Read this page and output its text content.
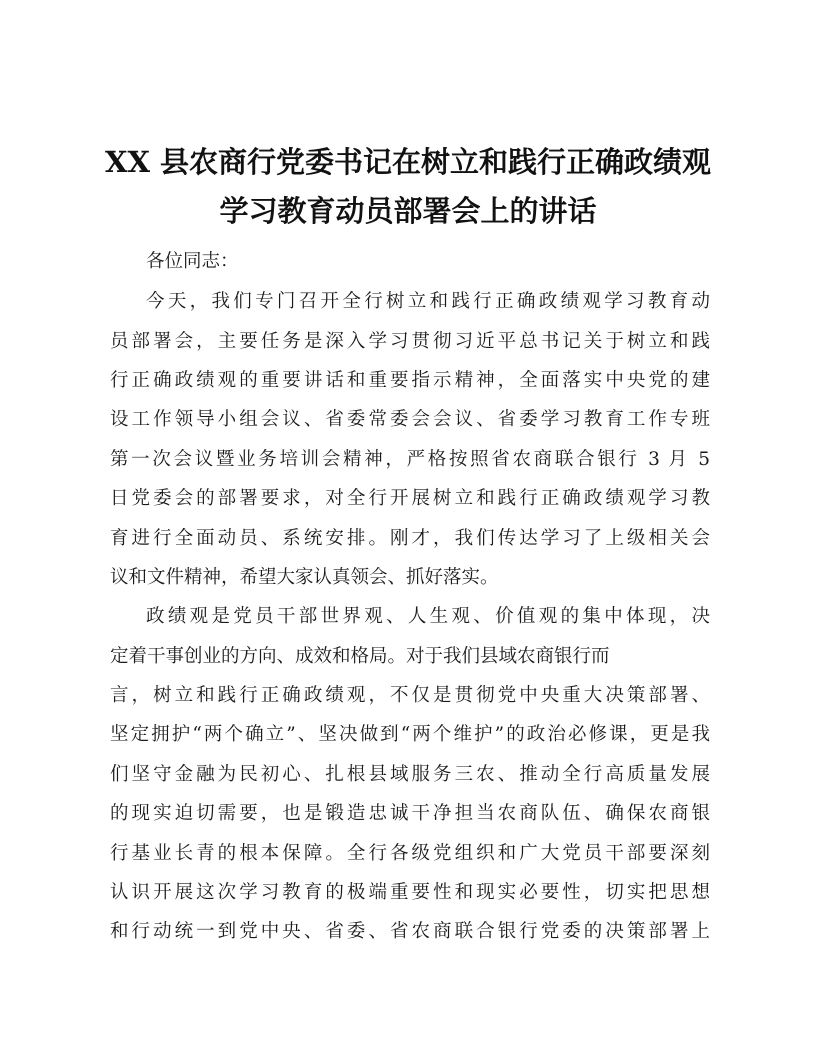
XX 县农商行党委书记在树立和践行正确政绩观
学习教育动员部署会上的讲话
各位同志：
今天，我们专门召开全行树立和践行正确政绩观学习教育动
员部署会，主要任务是深入学习贯彻习近平总书记关于树立和践
行正确政绩观的重要讲话和重要指示精神，全面落实中央党的建
设工作领导小组会议、省委常委会会议、省委学习教育工作专班
第一次会议暨业务培训会精神，严格按照省农商联合银行 3 月 5
日党委会的部署要求，对全行开展树立和践行正确政绩观学习教
育进行全面动员、系统安排。刚才，我们传达学习了上级相关会
议和文件精神，希望大家认真领会、抓好落实。
政绩观是党员干部世界观、人生观、价值观的集中体现，决
定着干事创业的方向、成效和格局。对于我们县域农商银行而
言，树立和践行正确政绩观，不仅是贯彻党中央重大决策部署、
坚定拥护“两个确立”、坚决做到“两个维护”的政治必修课，更是我
们坚守金融为民初心、扎根县域服务三农、推动全行高质量发展
的现实迫切需要，也是锻造忠诚干净担当农商队伍、确保农商银
行基业长青的根本保障。全行各级党组织和广大党员干部要深刻
认识开展这次学习教育的极端重要性和现实必要性，切实把思想
和行动统一到党中央、省委、省农商联合银行党委的决策部署上
